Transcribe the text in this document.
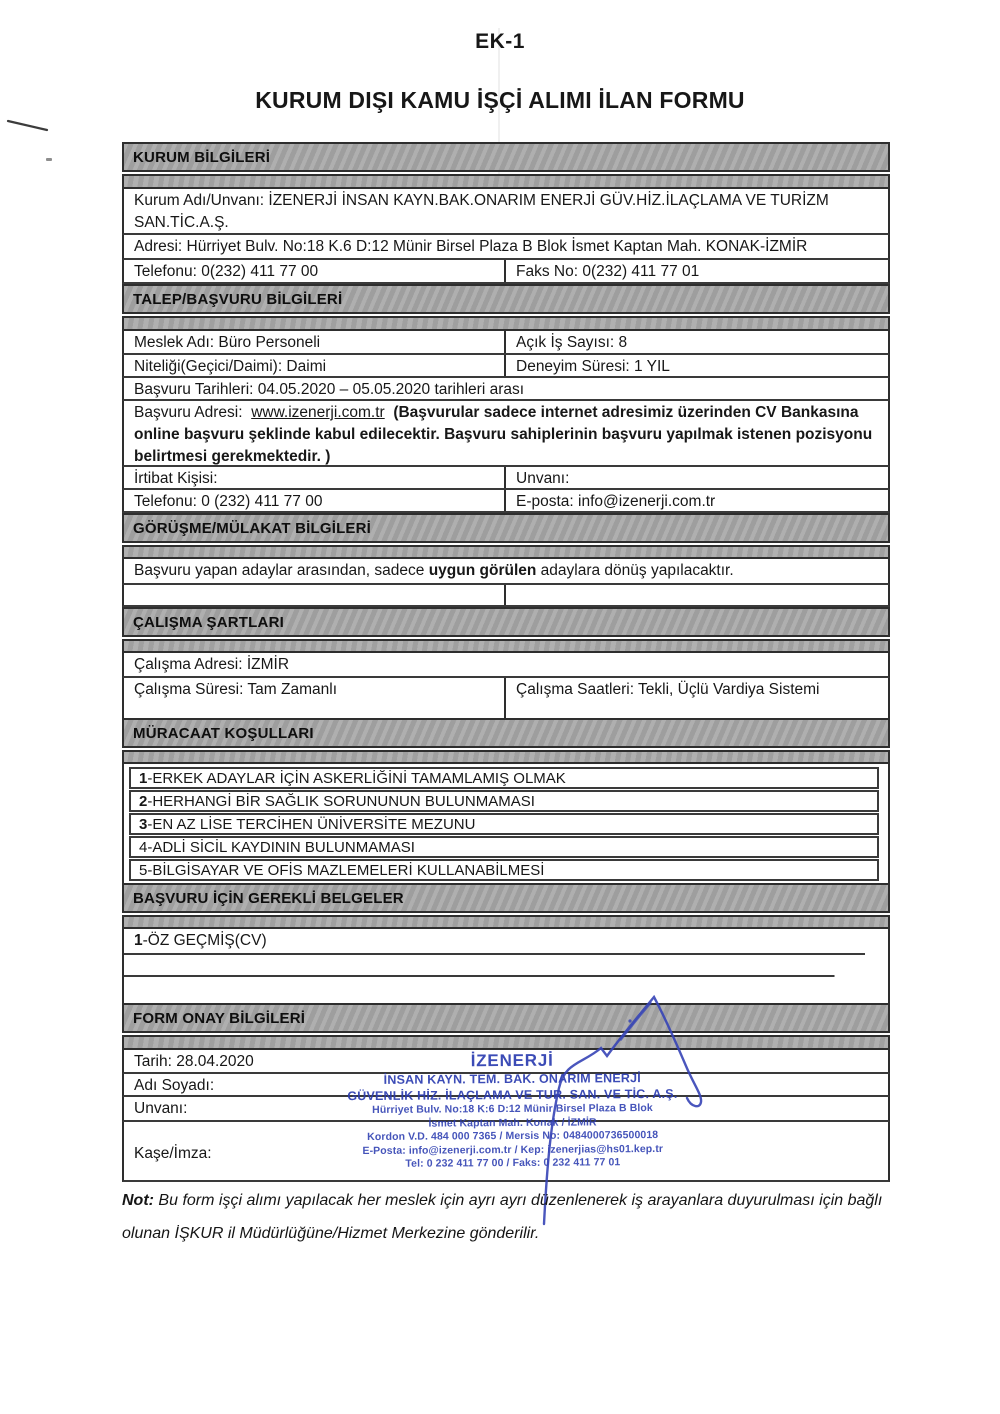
EK-1
KURUM DIŞI KAMU İŞÇİ ALIMI İLAN FORMU
KURUM BİLGİLERİ
Kurum Adı/Unvanı: İZENERJİ İNSAN KAYN.BAK.ONARIM ENERJİ GÜV.HİZ.İLAÇLAMA VE TURİZM SAN.TİC.A.Ş.
Adresi: Hürriyet Bulv. No:18 K.6 D:12 Münir Birsel Plaza B Blok İsmet Kaptan Mah. KONAK-İZMİR
Telefonu: 0(232) 411 77 00	Faks No: 0(232) 411 77 01
TALEP/BAŞVURU BİLGİLERİ
Meslek Adı: Büro Personeli	Açık İş Sayısı: 8
Niteliği(Geçici/Daimi): Daimi	Deneyim Süresi: 1 YIL
Başvuru Tarihleri: 04.05.2020 – 05.05.2020 tarihleri arası
Başvuru Adresi: www.izenerji.com.tr (Başvurular sadece internet adresimiz üzerinden CV Bankasına online başvuru şeklinde kabul edilecektir. Başvuru sahiplerinin başvuru yapılmak istenen pozisyonu belirtmesi gerekmektedir. )
İrtibat Kişisi:	Unvanı:
Telefonu: 0 (232) 411 77 00	E-posta: info@izenerji.com.tr
GÖRÜŞME/MÜLAKAT BİLGİLERİ
Başvuru yapan adaylar arasından, sadece uygun görülen adaylara dönüş yapılacaktır.
ÇALIŞMA ŞARTLARI
Çalışma Adresi: İZMİR
Çalışma Süresi: Tam Zamanlı	Çalışma Saatleri: Tekli, Üçlü Vardiya Sistemi
MÜRACAAT KOŞULLARI
1-ERKEK ADAYLAR İÇİN ASKERLİĞİNİ TAMAMLAMIŞ OLMAK
2-HERHANGİ BİR SAĞLIK SORUNUNUN BULUNMAMASI
3-EN AZ LİSE TERCİHEN ÜNİVERSİTE MEZUNU
4-ADLİ SİCİL KAYDININ BULUNMAMASI
5-BİLGİSAYAR VE OFİS MAZLEMELERİ KULLANABİLMESİ
BAŞVURU İÇİN GEREKLİ BELGELER
1-ÖZ GEÇMİŞ(CV)
FORM ONAY BİLGİLERİ
Tarih: 28.04.2020
Adı Soyadı:
Unvanı:
Kaşe/İmza:
İZENERJİ
İNSAN KAYN. TEM. BAK. ONARIM ENERJİ
GÜVENLİK HİZ. İLAÇLAMA VE TUR. SAN. VE TİC. A.Ş.
Hürriyet Bulv. No:18 K:6 D:12 Münir Birsel Plaza B Blok
İsmet Kaptan Mah. Konak / İZMİR
Kordon V.D. 484 000 7365 / Mersis No: 0484000736500018
E-Posta: info@izenerji.com.tr / Kep: izenerjias@hs01.kep.tr
Tel: 0 232 411 77 00 / Faks: 0 232 411 77 01
Not: Bu form işçi alımı yapılacak her meslek için ayrı ayrı düzenlenerek iş arayanlara duyurulması için bağlı olunan İŞKUR il Müdürlüğüne/Hizmet Merkezine gönderilir.
